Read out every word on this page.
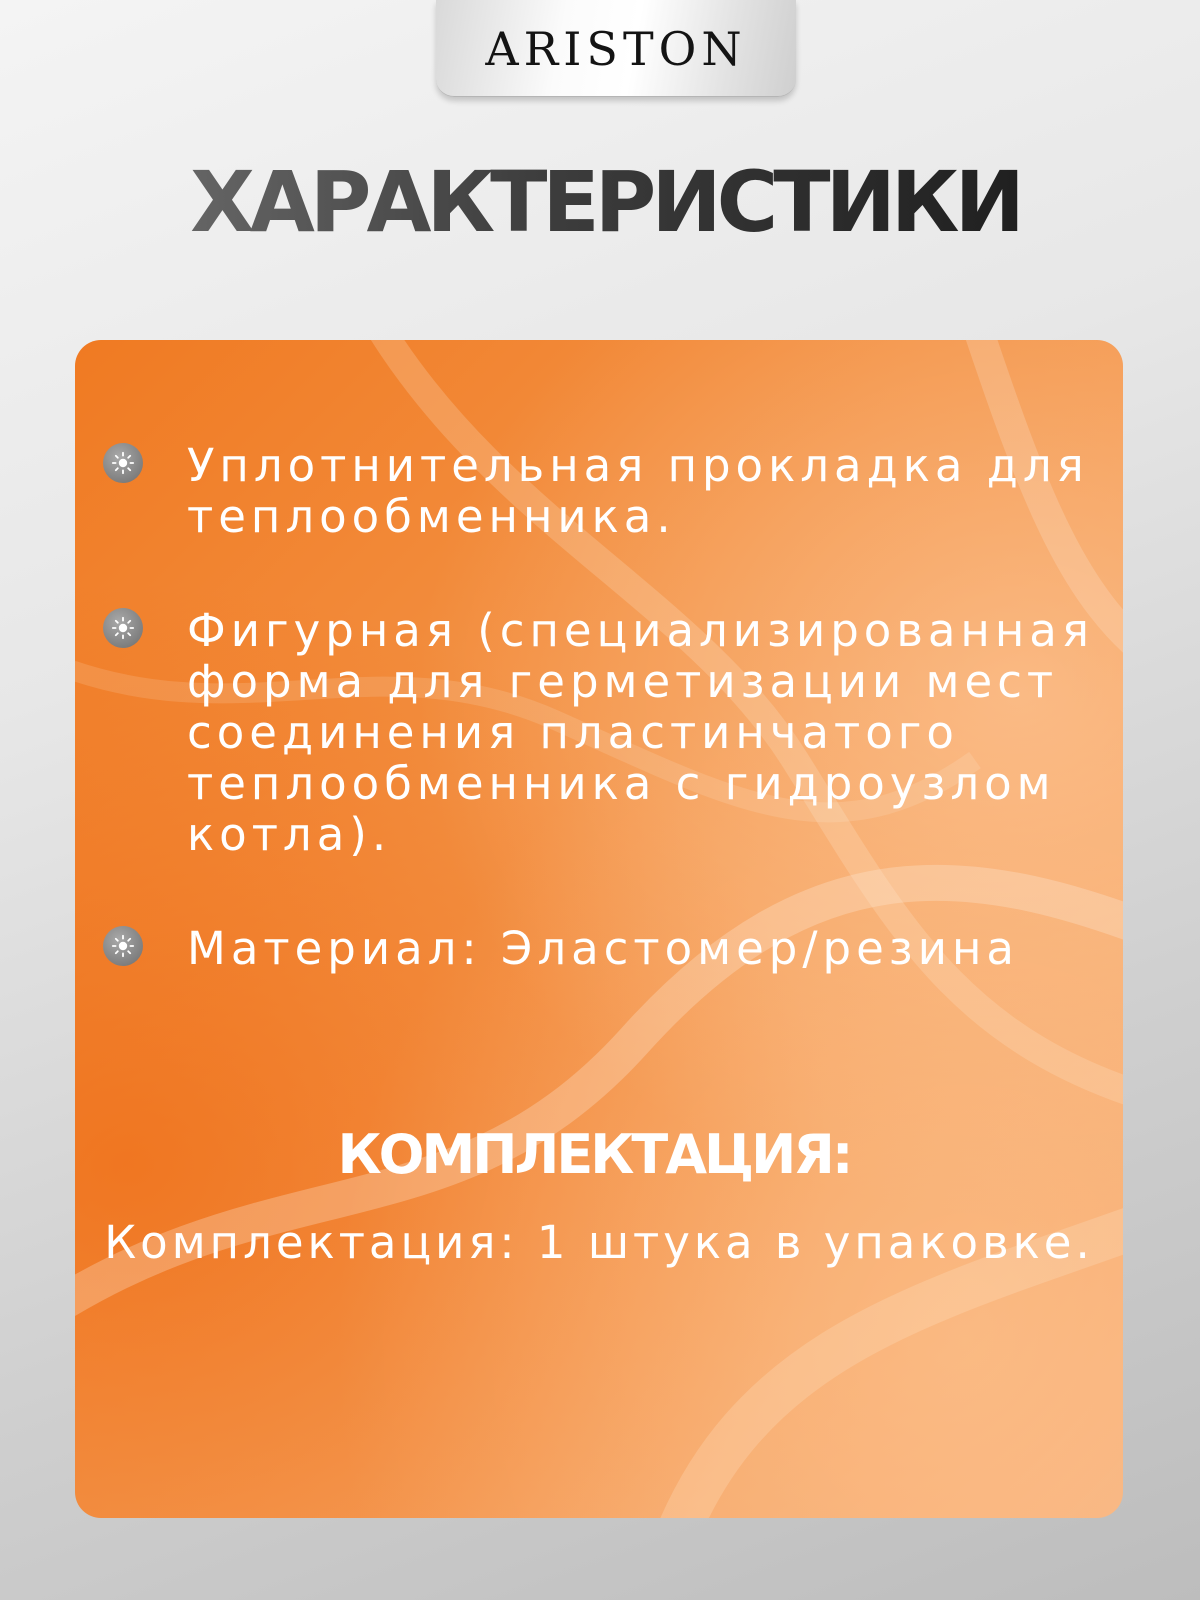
ARISTON
ХАРАКТЕРИСТИКИ
Уплотнительная прокладка для теплообменника.
Фигурная (специализированная форма для герметизации мест соединения пластинчатого теплообменника с гидроузлом котла).
Материал: Эластомер/резина
КОМПЛЕКТАЦИЯ:

Комплектация: 1 штука в упаковке.
